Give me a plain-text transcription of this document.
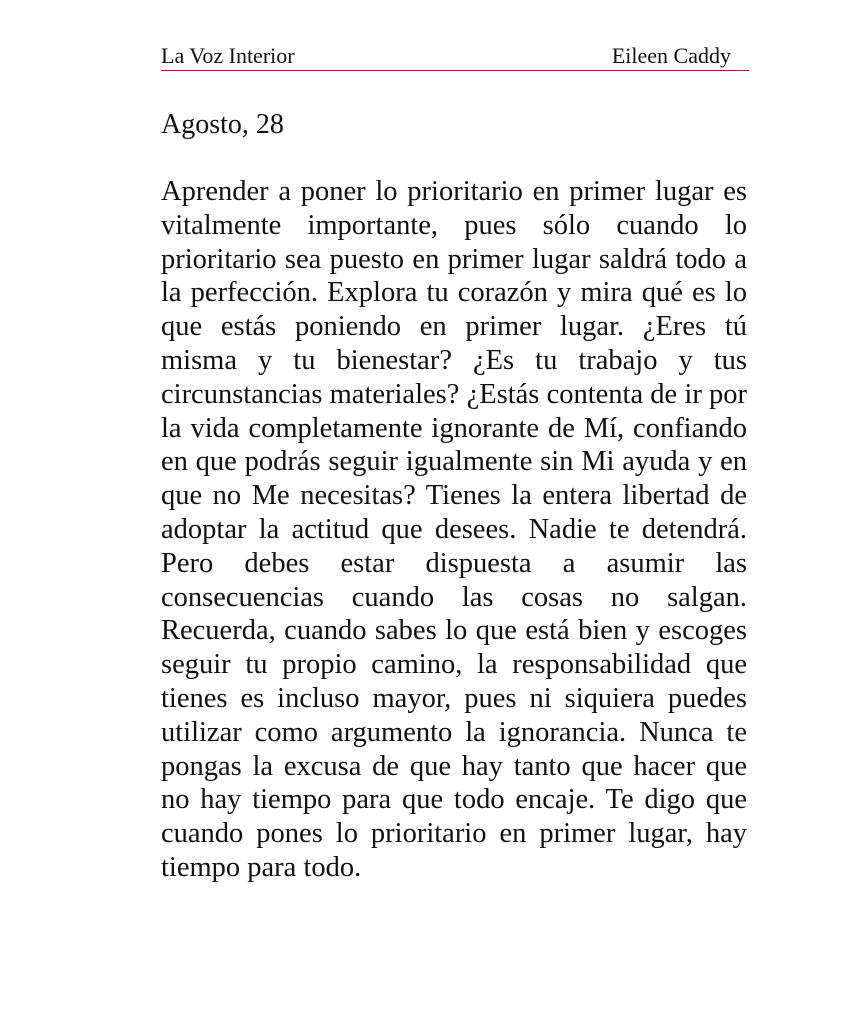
La Voz Interior	Eileen Caddy
Agosto, 28

Aprender a poner lo prioritario en primer lugar es vitalmente importante, pues sólo cuando lo prioritario sea puesto en primer lugar saldrá todo a la perfección. Explora tu corazón y mira qué es lo que estás poniendo en primer lugar. ¿Eres tú misma y tu bienestar? ¿Es tu trabajo y tus circunstancias materiales? ¿Estás contenta de ir por la vida completamente ignorante de Mí, confiando en que podrás seguir igualmente sin Mi ayuda y en que no Me necesitas? Tienes la entera libertad de adoptar la actitud que desees. Nadie te detendrá. Pero debes estar dispuesta a asumir las consecuencias cuando las cosas no salgan. Recuerda, cuando sabes lo que está bien y escoges seguir tu propio camino, la responsabilidad que tienes es incluso mayor, pues ni siquiera puedes utilizar como argumento la ignorancia. Nunca te pongas la excusa de que hay tanto que hacer que no hay tiempo para que todo encaje. Te digo que cuando pones lo prioritario en primer lugar, hay tiempo para todo.
